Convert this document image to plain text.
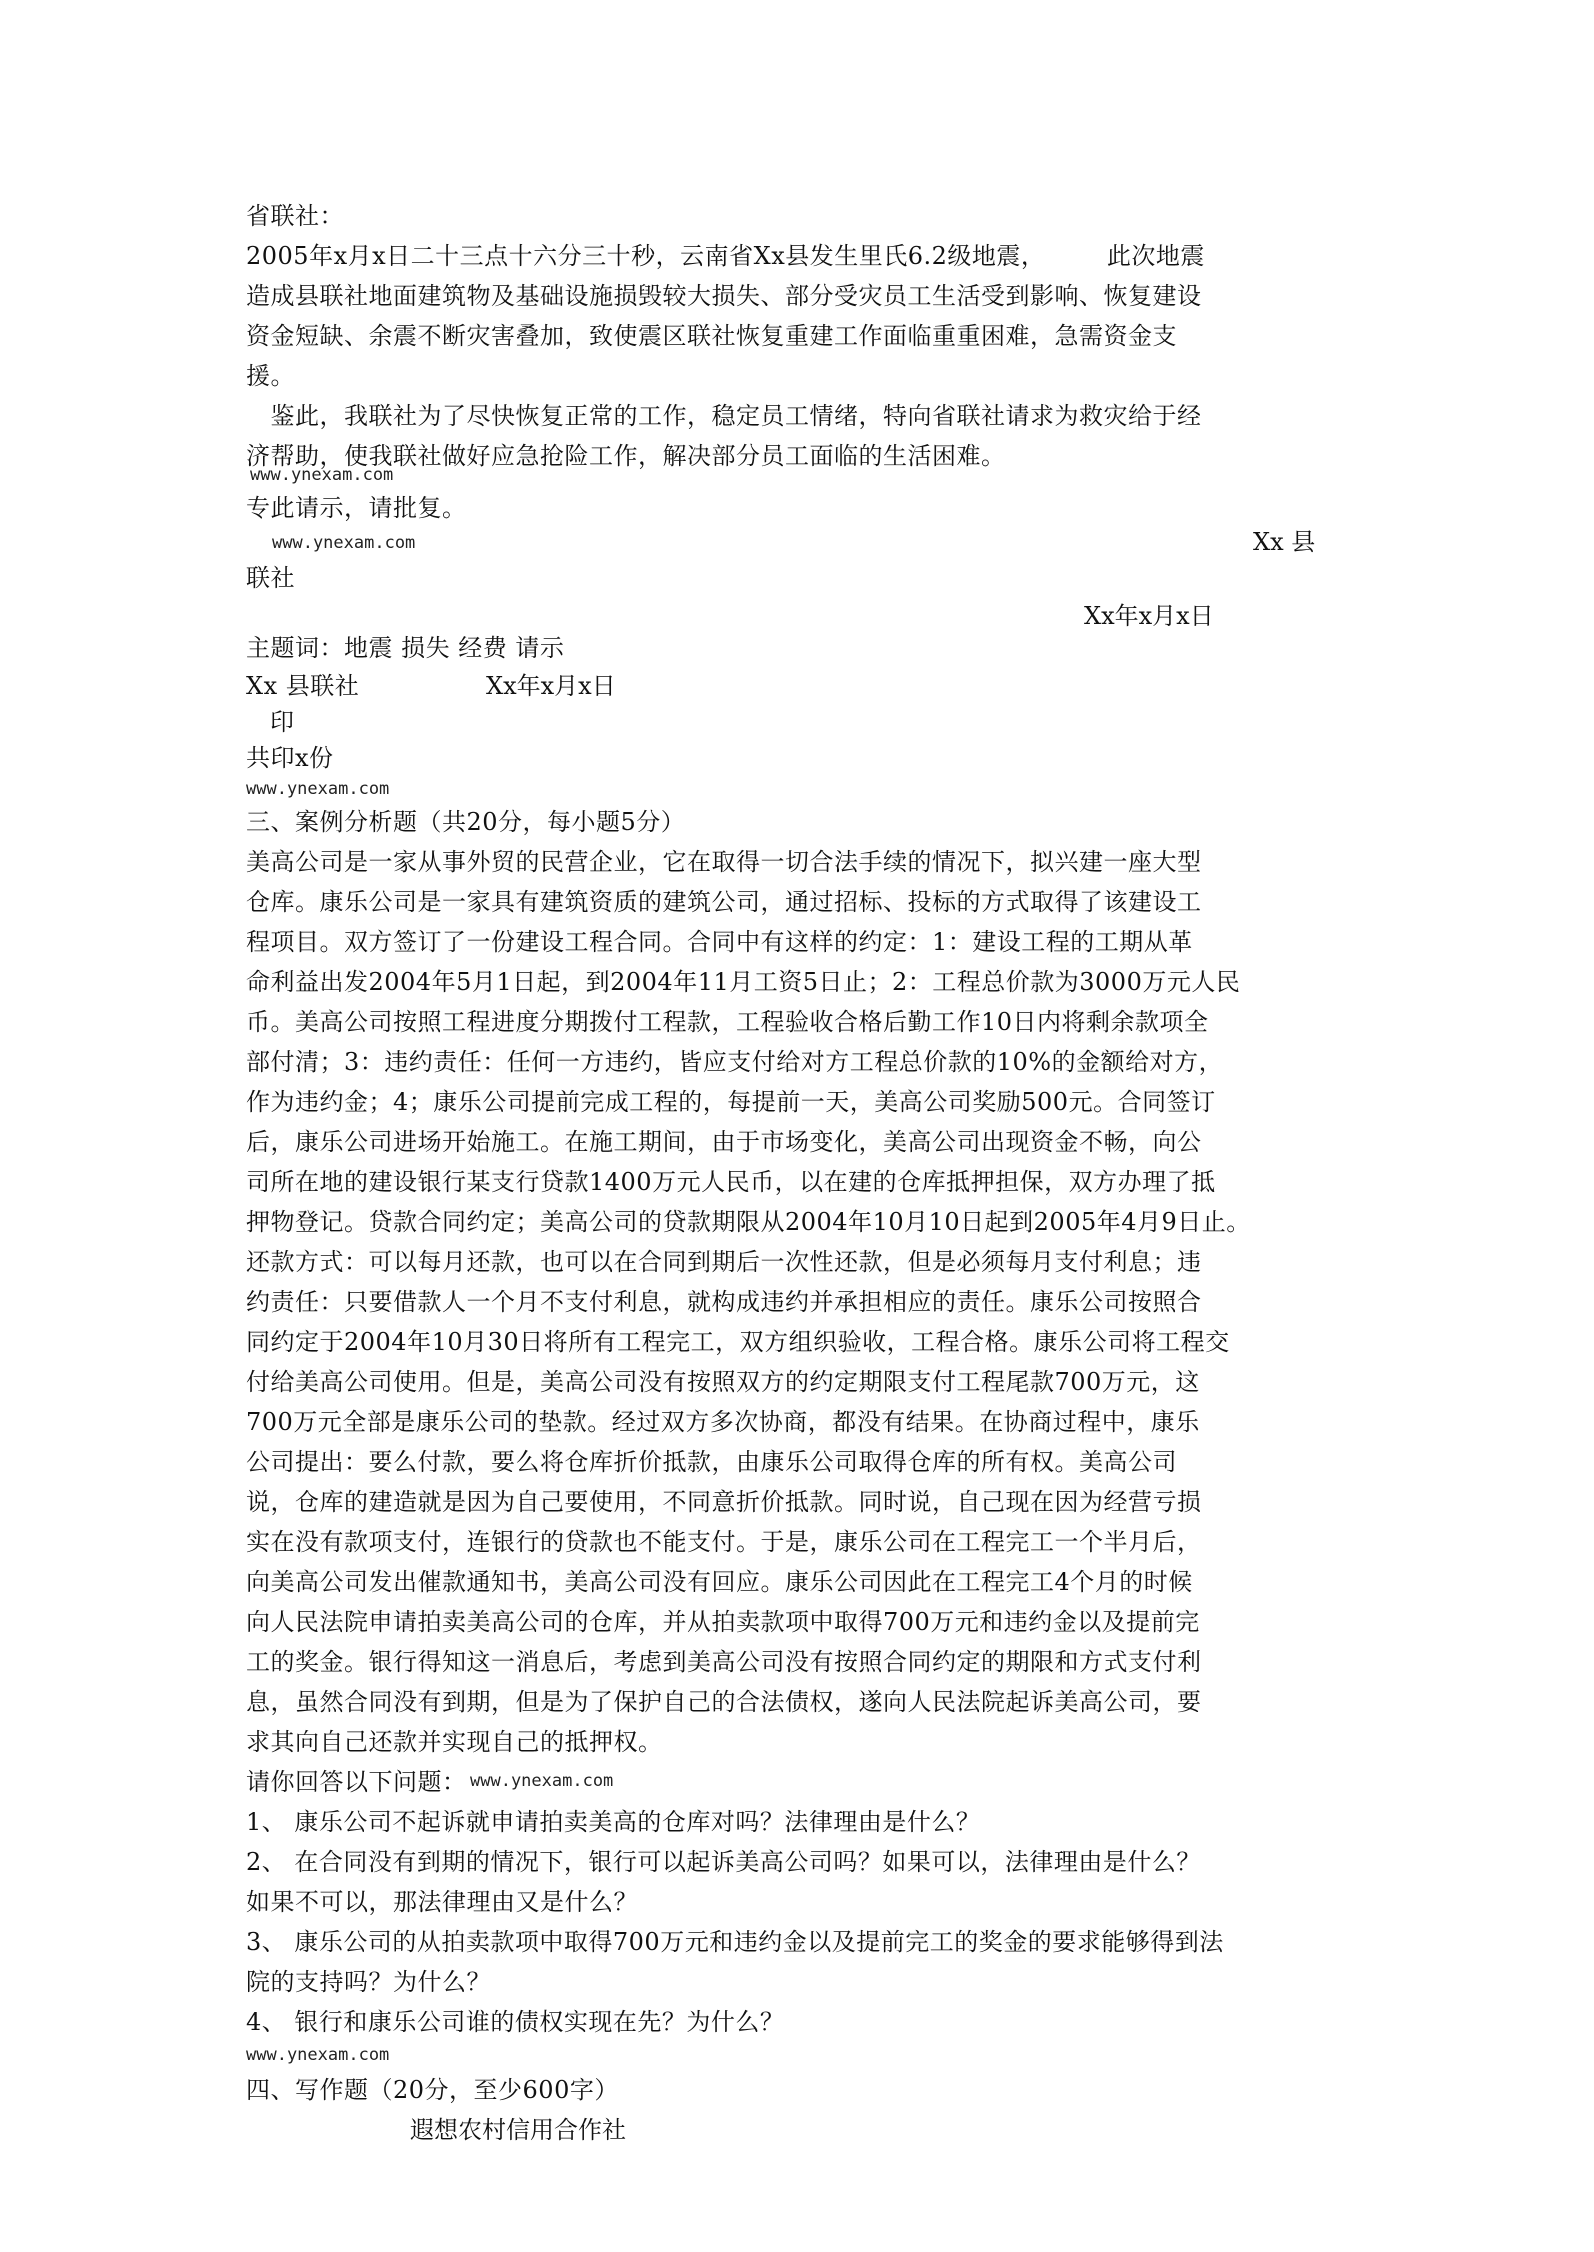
省联社：
2005年x月x日二十三点十六分三十秒，云南省Xx县发生里氏6.2级地震，　　　此次地震
造成县联社地面建筑物及基础设施损毁较大损失、部分受灾员工生活受到影响、恢复建设
资金短缺、余震不断灾害叠加，致使震区联社恢复重建工作面临重重困难，急需资金支
援。
　鉴此，我联社为了尽快恢复正常的工作，稳定员工情绪，特向省联社请求为救灾给于经
济帮助，使我联社做好应急抢险工作，解决部分员工面临的生活困难。
www.ynexam.com
专此请示，请批复。
www.ynexam.com	Xx 县
联社
Xx年x月x日
主题词：地震 损失 经费 请示
Xx 县联社	Xx年x月x日
印
共印x份
www.ynexam.com
三、案例分析题（共20分，每小题5分）
美高公司是一家从事外贸的民营企业，它在取得一切合法手续的情况下，拟兴建一座大型
仓库。康乐公司是一家具有建筑资质的建筑公司，通过招标、投标的方式取得了该建设工
程项目。双方签订了一份建设工程合同。合同中有这样的约定：1：建设工程的工期从革
命利益出发2004年5月1日起，到2004年11月工资5日止；2：工程总价款为3000万元人民
币。美高公司按照工程进度分期拨付工程款，工程验收合格后勤工作10日内将剩余款项全
部付清；3：违约责任：任何一方违约，皆应支付给对方工程总价款的10%的金额给对方，
作为违约金；4；康乐公司提前完成工程的，每提前一天，美高公司奖励500元。合同签订
后，康乐公司进场开始施工。在施工期间，由于市场变化，美高公司出现资金不畅，向公
司所在地的建设银行某支行贷款1400万元人民币，以在建的仓库抵押担保，双方办理了抵
押物登记。贷款合同约定；美高公司的贷款期限从2004年10月10日起到2005年4月9日止。
还款方式：可以每月还款，也可以在合同到期后一次性还款，但是必须每月支付利息；违
约责任：只要借款人一个月不支付利息，就构成违约并承担相应的责任。康乐公司按照合
同约定于2004年10月30日将所有工程完工，双方组织验收，工程合格。康乐公司将工程交
付给美高公司使用。但是，美高公司没有按照双方的约定期限支付工程尾款700万元，这
700万元全部是康乐公司的垫款。经过双方多次协商，都没有结果。在协商过程中，康乐
公司提出：要么付款，要么将仓库折价抵款，由康乐公司取得仓库的所有权。美高公司
说，仓库的建造就是因为自己要使用，不同意折价抵款。同时说，自己现在因为经营亏损
实在没有款项支付，连银行的贷款也不能支付。于是，康乐公司在工程完工一个半月后，
向美高公司发出催款通知书，美高公司没有回应。康乐公司因此在工程完工4个月的时候
向人民法院申请拍卖美高公司的仓库，并从拍卖款项中取得700万元和违约金以及提前完
工的奖金。银行得知这一消息后，考虑到美高公司没有按照合同约定的期限和方式支付利
息，虽然合同没有到期，但是为了保护自己的合法债权，遂向人民法院起诉美高公司，要
求其向自己还款并实现自己的抵押权。
请你回答以下问题： www.ynexam.com
1、 康乐公司不起诉就申请拍卖美高的仓库对吗？法律理由是什么？
2、 在合同没有到期的情况下，银行可以起诉美高公司吗？如果可以，法律理由是什么？
如果不可以，那法律理由又是什么？
3、 康乐公司的从拍卖款项中取得700万元和违约金以及提前完工的奖金的要求能够得到法
院的支持吗？为什么？
4、 银行和康乐公司谁的债权实现在先？为什么？
www.ynexam.com
四、写作题（20分，至少600字）
遐想农村信用合作社
